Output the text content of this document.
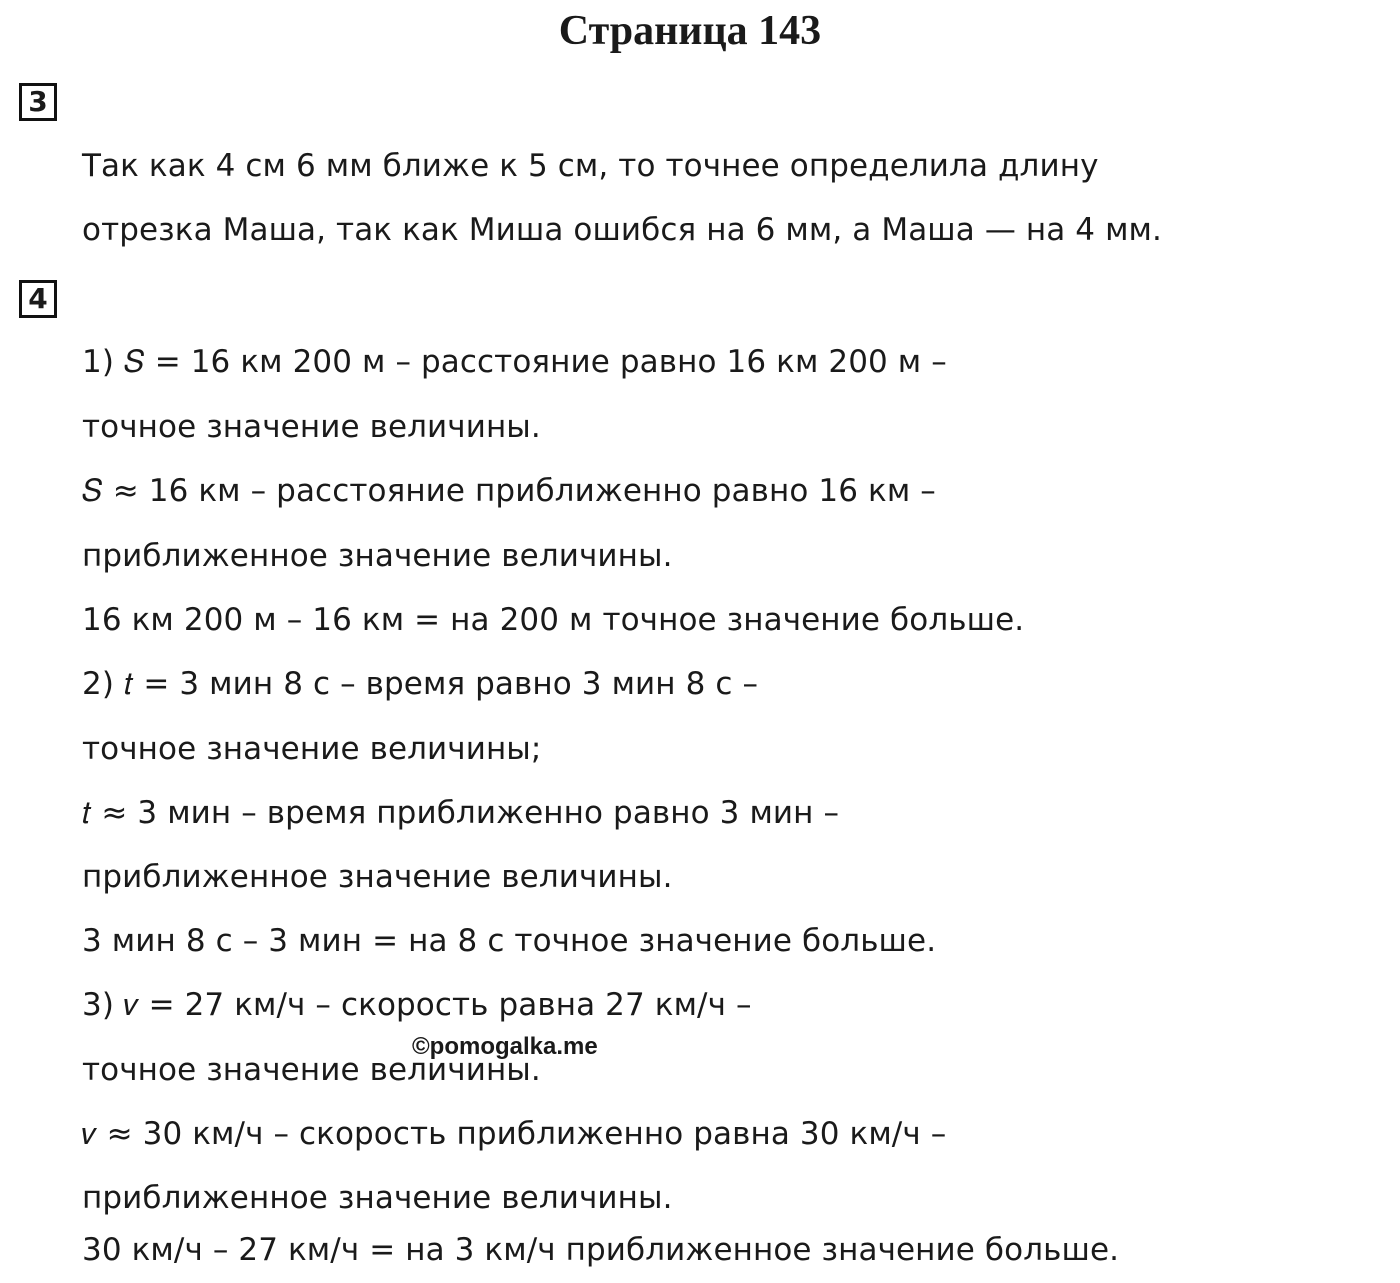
Страница 143
3

Так как 4 см 6 мм ближе к 5 см, то точнее определила длину

отрезка Маша, так как Миша ошибся на 6 мм, а Маша — на 4 мм.

4

1) 𝑆 = 16 км 200 м – расстояние равно 16 км 200 м –

точное значение величины.

𝑆 ≈ 16 км – расстояние приближенно равно 16 км –

приближенное значение величины.

16 км 200 м – 16 км = на 200 м точное значение больше.

2) 𝑡 = 3 мин 8 с – время равно 3 мин 8 с –

точное значение величины;

𝑡 ≈ 3 мин – время приближенно равно 3 мин –

приближенное значение величины.

3 мин 8 с – 3 мин = на 8 с точное значение больше.

3) 𝑣 = 27 км/ч – скорость равна 27 км/ч –

точное значение величины.

𝑣 ≈ 30 км/ч – скорость приближенно равна 30 км/ч –

приближенное значение величины.

30 км/ч – 27 км/ч = на 3 км/ч приближенное значение больше.

©pomogalka.me
